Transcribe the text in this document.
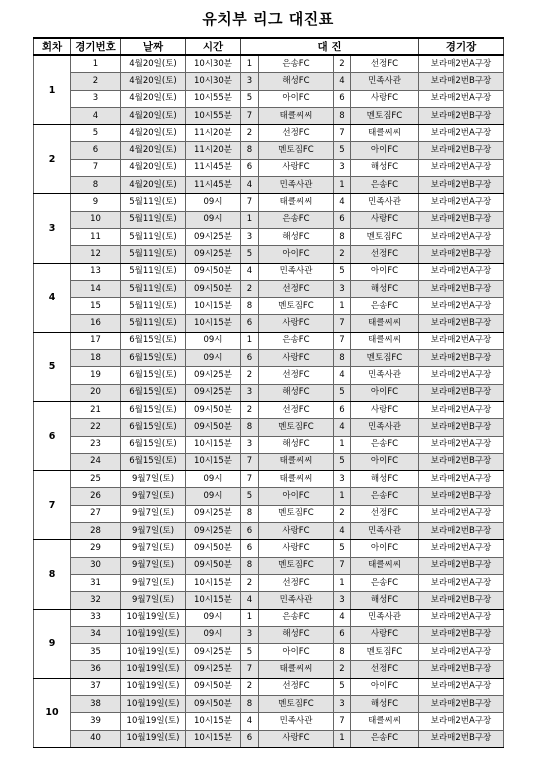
유치부 리그 대진표
회차	경기번호	날짜	시간	대 진				경기장
1	1	4월20일(토)	10시30분	1	은송FC	2	선정FC	보라매2번A구장
	2	4월20일(토)	10시30분	3	해성FC	4	민족사관	보라매2번B구장
	3	4월20일(토)	10시55분	5	아이FC	6	사랑FC	보라매2번A구장
	4	4월20일(토)	10시55분	7	태클씨씨	8	멘토짐FC	보라매2번B구장
2	5	4월20일(토)	11시20분	2	선정FC	7	태클씨씨	보라매2번A구장
	6	4월20일(토)	11시20분	8	멘토짐FC	5	아이FC	보라매2번B구장
	7	4월20일(토)	11시45분	6	사랑FC	3	해성FC	보라매2번A구장
	8	4월20일(토)	11시45분	4	민족사관	1	은송FC	보라매2번B구장
3	9	5월11일(토)	09시	7	태클씨씨	4	민족사관	보라매2번A구장
	10	5월11일(토)	09시	1	은송FC	6	사랑FC	보라매2번B구장
	11	5월11일(토)	09시25분	3	해성FC	8	멘토짐FC	보라매2번A구장
	12	5월11일(토)	09시25분	5	아이FC	2	선정FC	보라매2번B구장
4	13	5월11일(토)	09시50분	4	민족사관	5	아이FC	보라매2번A구장
	14	5월11일(토)	09시50분	2	선정FC	3	해성FC	보라매2번B구장
	15	5월11일(토)	10시15분	8	멘토짐FC	1	은송FC	보라매2번A구장
	16	5월11일(토)	10시15분	6	사랑FC	7	태클씨씨	보라매2번B구장
5	17	6월15일(토)	09시	1	은송FC	7	태클씨씨	보라매2번A구장
	18	6월15일(토)	09시	6	사랑FC	8	멘토짐FC	보라매2번B구장
	19	6월15일(토)	09시25분	2	선정FC	4	민족사관	보라매2번A구장
	20	6월15일(토)	09시25분	3	해성FC	5	아이FC	보라매2번B구장
6	21	6월15일(토)	09시50분	2	선정FC	6	사랑FC	보라매2번A구장
	22	6월15일(토)	09시50분	8	멘토짐FC	4	민족사관	보라매2번B구장
	23	6월15일(토)	10시15분	3	해성FC	1	은송FC	보라매2번A구장
	24	6월15일(토)	10시15분	7	태클씨씨	5	아이FC	보라매2번B구장
7	25	9월7일(토)	09시	7	태클씨씨	3	해성FC	보라매2번A구장
	26	9월7일(토)	09시	5	아이FC	1	은송FC	보라매2번B구장
	27	9월7일(토)	09시25분	8	멘토짐FC	2	선정FC	보라매2번A구장
	28	9월7일(토)	09시25분	6	사랑FC	4	민족사관	보라매2번B구장
8	29	9월7일(토)	09시50분	6	사랑FC	5	아이FC	보라매2번A구장
	30	9월7일(토)	09시50분	8	멘토짐FC	7	태클씨씨	보라매2번B구장
	31	9월7일(토)	10시15분	2	선정FC	1	은송FC	보라매2번A구장
	32	9월7일(토)	10시15분	4	민족사관	3	해성FC	보라매2번B구장
9	33	10월19일(토)	09시	1	은송FC	4	민족사관	보라매2번A구장
	34	10월19일(토)	09시	3	해성FC	6	사랑FC	보라매2번B구장
	35	10월19일(토)	09시25분	5	아이FC	8	멘토짐FC	보라매2번A구장
	36	10월19일(토)	09시25분	7	태클씨씨	2	선정FC	보라매2번B구장
10	37	10월19일(토)	09시50분	2	선정FC	5	아이FC	보라매2번A구장
	38	10월19일(토)	09시50분	8	멘토짐FC	3	해성FC	보라매2번B구장
	39	10월19일(토)	10시15분	4	민족사관	7	태클씨씨	보라매2번A구장
	40	10월19일(토)	10시15분	6	사랑FC	1	은송FC	보라매2번B구장
